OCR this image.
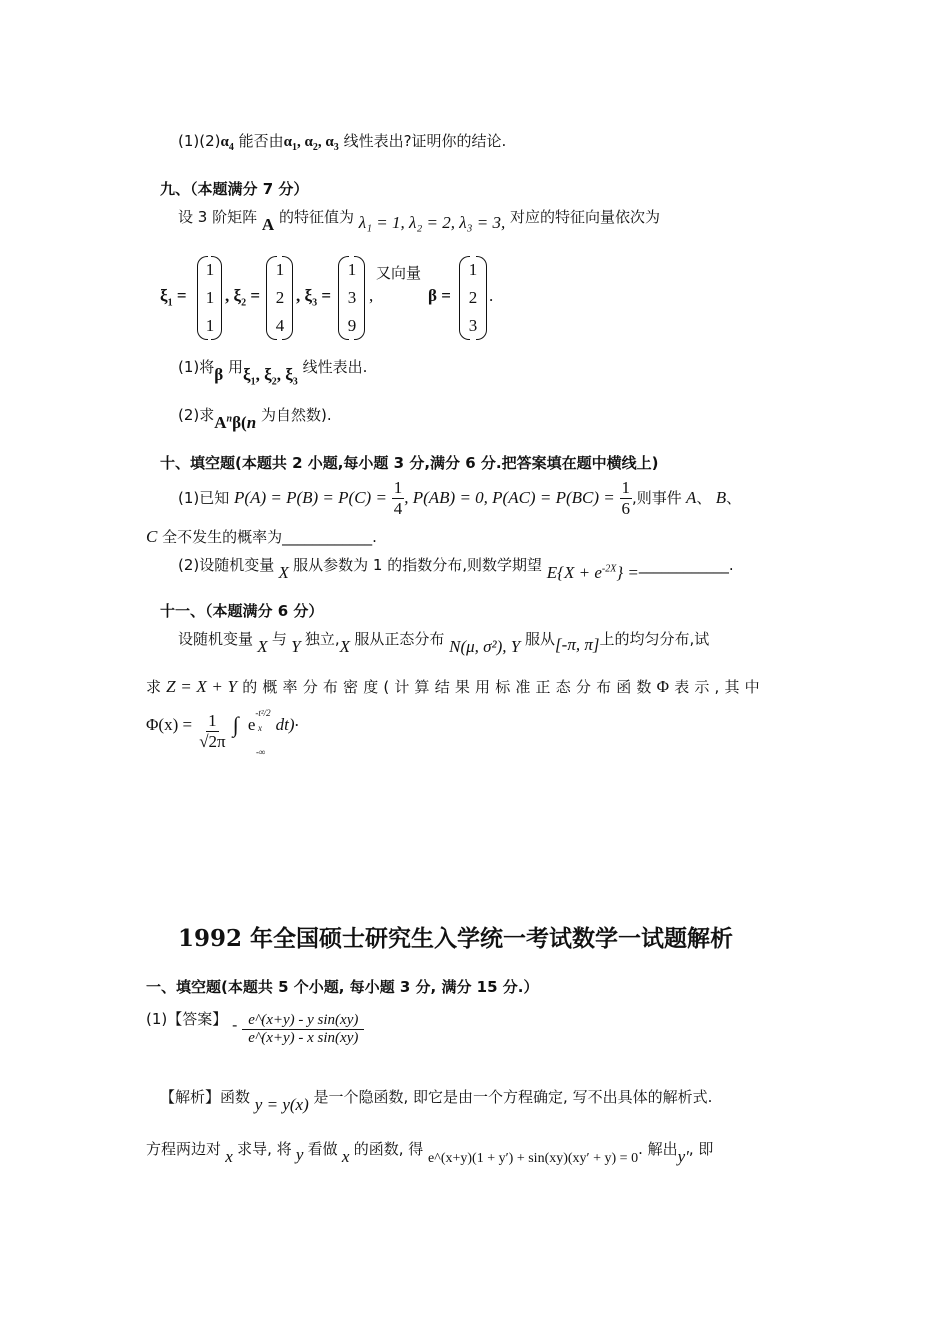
$(1)(2)\alpha_4$ 能否由$\alpha_1$, $\alpha_2$, $\alpha_3$ 线性表出?证明你的结论.
九、（本题满分 7 分）
设 3 阶矩阵 A 的特征值为 λ₁ = 1, λ₂ = 2, λ₃ = 3, 对应的特征向量依次为
$\xi_1$ =
1
1
1
, $\xi_2$ =
1
2
4
, $\xi_3$ =
1
3
9
,
又向量
β =
1
2
3
.
(1)将β 用$\xi_1$, $\xi_2$, $\xi_3$ 线性表出.
(2)求$A^n\beta(n$ 为自然数).
十、填空题(本题共 2 小题,每小题 3 分,满分 6 分.把答案填在题中横线上)
(1)已知 $P(A) = P(B) = P(C) = \frac{1}{4}$ , P(AB) = 0, $P(AC) = P(BC) = \frac{1}{6}$ ,则事件 A、 B、
C 全不发生的概率为____________.
(2)设随机变量 X 服从参数为 1 的指数分布,则数学期望 $E\{X + e^{-2X}\}$ =____________.
十一、（本题满分 6 分）
设随机变量 X 与 Y 独立,X 服从正态分布 N(μ, σ²), Y 服从[-π, π]上的均匀分布,试
求 Z = X + Y 的 概 率 分 布 密 度 ( 计 算 结 果 用 标 准 正 态 分 布 函 数 Φ 表 示 , 其 中
$\Phi(x) = \frac{1}{√2\pi}$ ∫ x
-∞
$e^{-t^2/2}$ dt).
1992 年全国硕士研究生入学统一考试数学一试题解析
一、填空题(本题共 5 个小题, 每小题 3 分, 满分 15 分.）
(1)【答案】 - $\frac{\text{e\textasciicircum{}(x+y) - y sin(xy)}}{\text{e\textasciicircum{}(x+y) - x sin(xy)}}$
【解析】函数 y = y(x) 是一个隐函数, 即它是由一个方程确定, 写不出具体的解析式.
方程两边对 x 求导, 将 y 看做 x 的函数, 得 e^(x+y)(1 + y′) + sin(xy)(xy′ + y) = 0. 解出y′, 即
